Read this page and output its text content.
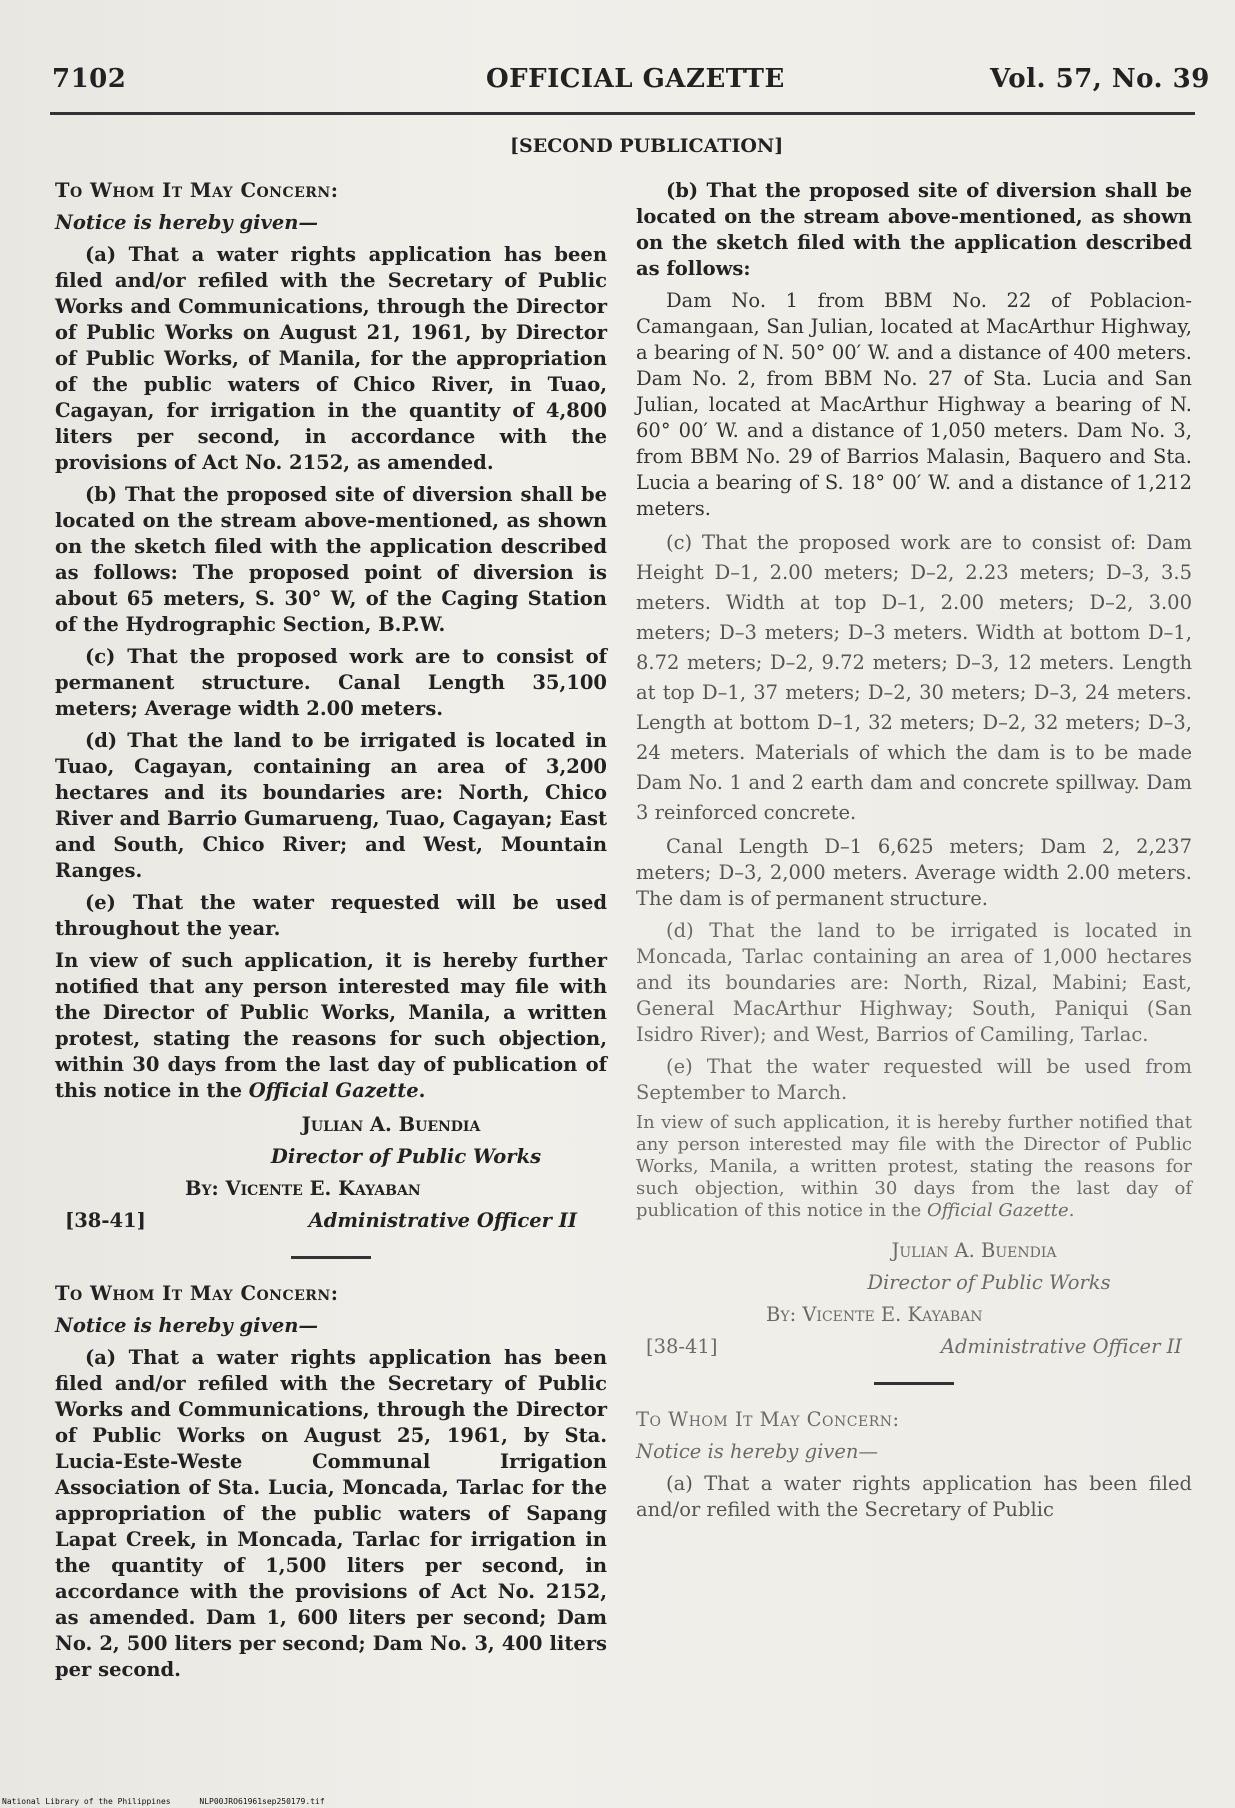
7102	OFFICIAL GAZETTE	Vol. 57, No. 39
[SECOND PUBLICATION]

To Whom It May Concern:

Notice is hereby given—

(a) That a water rights application has been filed and/or refiled with the Secretary of Public Works and Communications, through the Director of Public Works on August 21, 1961, by Director of Public Works, of Manila, for the appropriation of the public waters of Chico River, in Tuao, Cagayan, for irrigation in the quantity of 4,800 liters per second, in accordance with the provisions of Act No. 2152, as amended.

(b) That the proposed site of diversion shall be located on the stream above-mentioned, as shown on the sketch filed with the application described as follows: The proposed point of diversion is about 65 meters, S. 30° W, of the Caging Station of the Hydrographic Section, B.P.W.

(c) That the proposed work are to consist of permanent structure. Canal Length 35,100 meters; Average width 2.00 meters.

(d) That the land to be irrigated is located in Tuao, Cagayan, containing an area of 3,200 hectares and its boundaries are: North, Chico River and Barrio Gumarueng, Tuao, Cagayan; East and South, Chico River; and West, Mountain Ranges.

(e) That the water requested will be used throughout the year.

In view of such application, it is hereby further notified that any person interested may file with the Director of Public Works, Manila, a written protest, stating the reasons for such objection, within 30 days from the last day of publication of this notice in the Official Gazette.

Julian A. Buendia

Director of Public Works

By: Vicente E. Kayaban

[38-41]	Administrative Officer II

To Whom It May Concern:

Notice is hereby given—

(a) That a water rights application has been filed and/or refiled with the Secretary of Public Works and Communications, through the Director of Public Works on August 25, 1961, by Sta. Lucia-Este-Weste Communal Irrigation Association of Sta. Lucia, Moncada, Tarlac for the appropriation of the public waters of Sapang Lapat Creek, in Moncada, Tarlac for irrigation in the quantity of 1,500 liters per second, in accordance with the provisions of Act No. 2152, as amended. Dam 1, 600 liters per second; Dam No. 2, 500 liters per second; Dam No. 3, 400 liters per second.

(b) That the proposed site of diversion shall be located on the stream above-mentioned, as shown on the sketch filed with the application described as follows:

Dam No. 1 from BBM No. 22 of Poblacion-Camangaan, San Julian, located at MacArthur Highway, a bearing of N. 50° 00′ W. and a distance of 400 meters. Dam No. 2, from BBM No. 27 of Sta. Lucia and San Julian, located at MacArthur Highway a bearing of N. 60° 00′ W. and a distance of 1,050 meters. Dam No. 3, from BBM No. 29 of Barrios Malasin, Baquero and Sta. Lucia a bearing of S. 18° 00′ W. and a distance of 1,212 meters.

(c) That the proposed work are to consist of: Dam Height D–1, 2.00 meters; D–2, 2.23 meters; D–3, 3.5 meters. Width at top D–1, 2.00 meters; D–2, 3.00 meters; D–3 meters; D–3 meters. Width at bottom D–1, 8.72 meters; D–2, 9.72 meters; D–3, 12 meters. Length at top D–1, 37 meters; D–2, 30 meters; D–3, 24 meters. Length at bottom D–1, 32 meters; D–2, 32 meters; D–3, 24 meters. Materials of which the dam is to be made Dam No. 1 and 2 earth dam and concrete spillway. Dam 3 reinforced concrete.

Canal Length D–1 6,625 meters; Dam 2, 2,237 meters; D–3, 2,000 meters. Average width 2.00 meters. The dam is of permanent structure.

(d) That the land to be irrigated is located in Moncada, Tarlac containing an area of 1,000 hectares and its boundaries are: North, Rizal, Mabini; East, General MacArthur Highway; South, Paniqui (San Isidro River); and West, Barrios of Camiling, Tarlac.

(e) That the water requested will be used from September to March.

In view of such application, it is hereby further notified that any person interested may file with the Director of Public Works, Manila, a written protest, stating the reasons for such objection, within 30 days from the last day of publication of this notice in the Official Gazette.

Julian A. Buendia

Director of Public Works

By: Vicente E. Kayaban

[38-41]	Administrative Officer II

To Whom It May Concern:

Notice is hereby given—

(a) That a water rights application has been filed and/or refiled with the Secretary of Public

National Library of the Philippines	NLP00JRO61961sep250179.tif
